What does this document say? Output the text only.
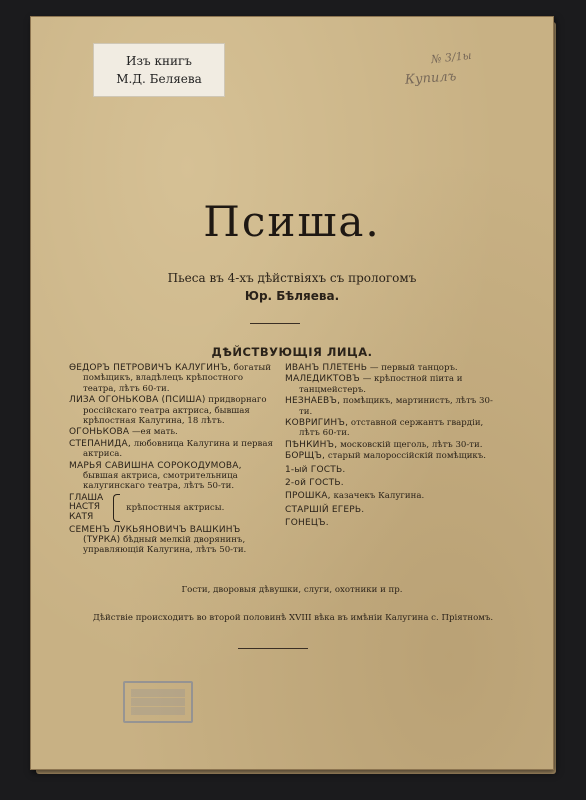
Изъ книгъ
М.Д. Беляева
№ 3/1ы
Купилъ
Псиша.
Пьеса въ 4-хъ дѣйствіяхъ съ прологомъ
Юр. Бѣляева.
ДѢЙСТВУЮЩІЯ ЛИЦА.
ѲЕДОРЪ ПЕТРОВИЧЪ КАЛУГИНЪ, богатый помѣщикъ, владѣлецъ крѣпостного театра, лѣтъ 60-ти.
ЛИЗА ОГОНЬКОВА (ПСИША) придворнаго россійскаго театра актриса, бывшая крѣпостная Калугина, 18 лѣтъ.
ОГОНЬКОВА —ея мать.
СТЕПАНИДА, любовница Калугина и первая актриса.
МАРЬЯ САВИШНА СОРОКОДУМОВА, бывшая актриса, смотрительница калугинскаго театра, лѣтъ 50-ти.
ГЛАША
НАСТЯ
КАТЯ
крѣпостныя актрисы.
СЕМЕНЪ ЛУКЬЯНОВИЧЪ ВАШКИНЪ (ТУРКА) бѣдный мелкій дворянинъ, управляющій Калугина, лѣтъ 50-ти.
ИВАНЪ ПЛЕТЕНЬ — первый танцоръ.
МАЛЕДИКТОВЪ — крѣпостной піита и танцмейстеръ.
НЕЗНАЕВЪ, помѣщикъ, мартинистъ, лѣтъ 30-ти.
КОВРИГИНЪ, отставной сержантъ гвардіи, лѣтъ 60-ти.
ПѢНКИНЪ, московскій щеголь, лѣтъ 30-ти.
БОРЩЪ, старый малороссійскій помѣщикъ.
1-ый ГОСТЬ.
2-ой ГОСТЬ.
ПРОШКА, казачекъ Калугина.
СТАРШІЙ ЕГЕРЬ.
ГОНЕЦЪ.
Гости, дворовыя дѣвушки, слуги, охотники и пр.
Дѣйствіе происходитъ во второй половинѣ XVIII вѣка въ имѣніи Калугина с. Пріятномъ.
